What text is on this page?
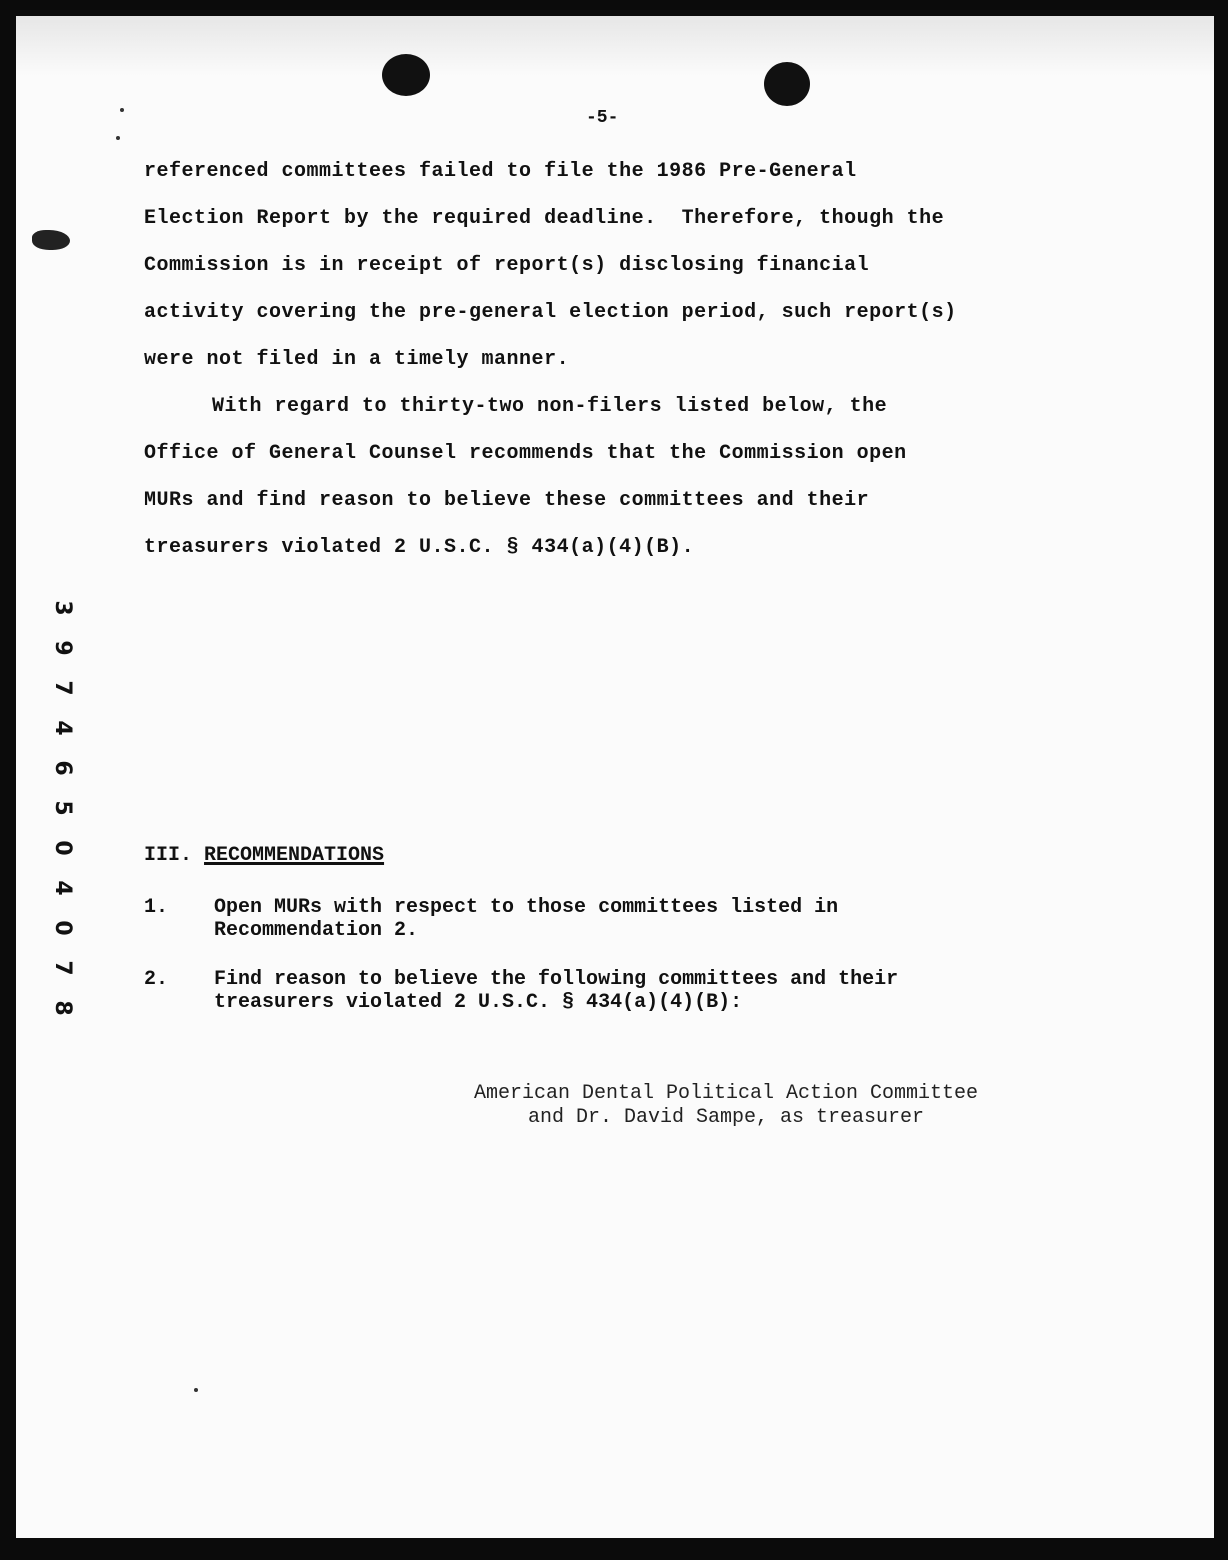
-5-
referenced committees failed to file the 1986 Pre-General
Election Report by the required deadline.  Therefore, though the
Commission is in receipt of report(s) disclosing financial
activity covering the pre-general election period, such report(s)
were not filed in a timely manner.
With regard to thirty-two non-filers listed below, the
Office of General Counsel recommends that the Commission open
MURs and find reason to believe these committees and their
treasurers violated 2 U.S.C. § 434(a)(4)(B).
III. RECOMMENDATIONS
1. Open MURs with respect to those committees listed in
Recommendation 2.
2. Find reason to believe the following committees and their
treasurers violated 2 U.S.C. § 434(a)(4)(B):
American Dental Political Action Committee
and Dr. David Sampe, as treasurer
3
9
7
4
6
5
0
4
0
7
8
